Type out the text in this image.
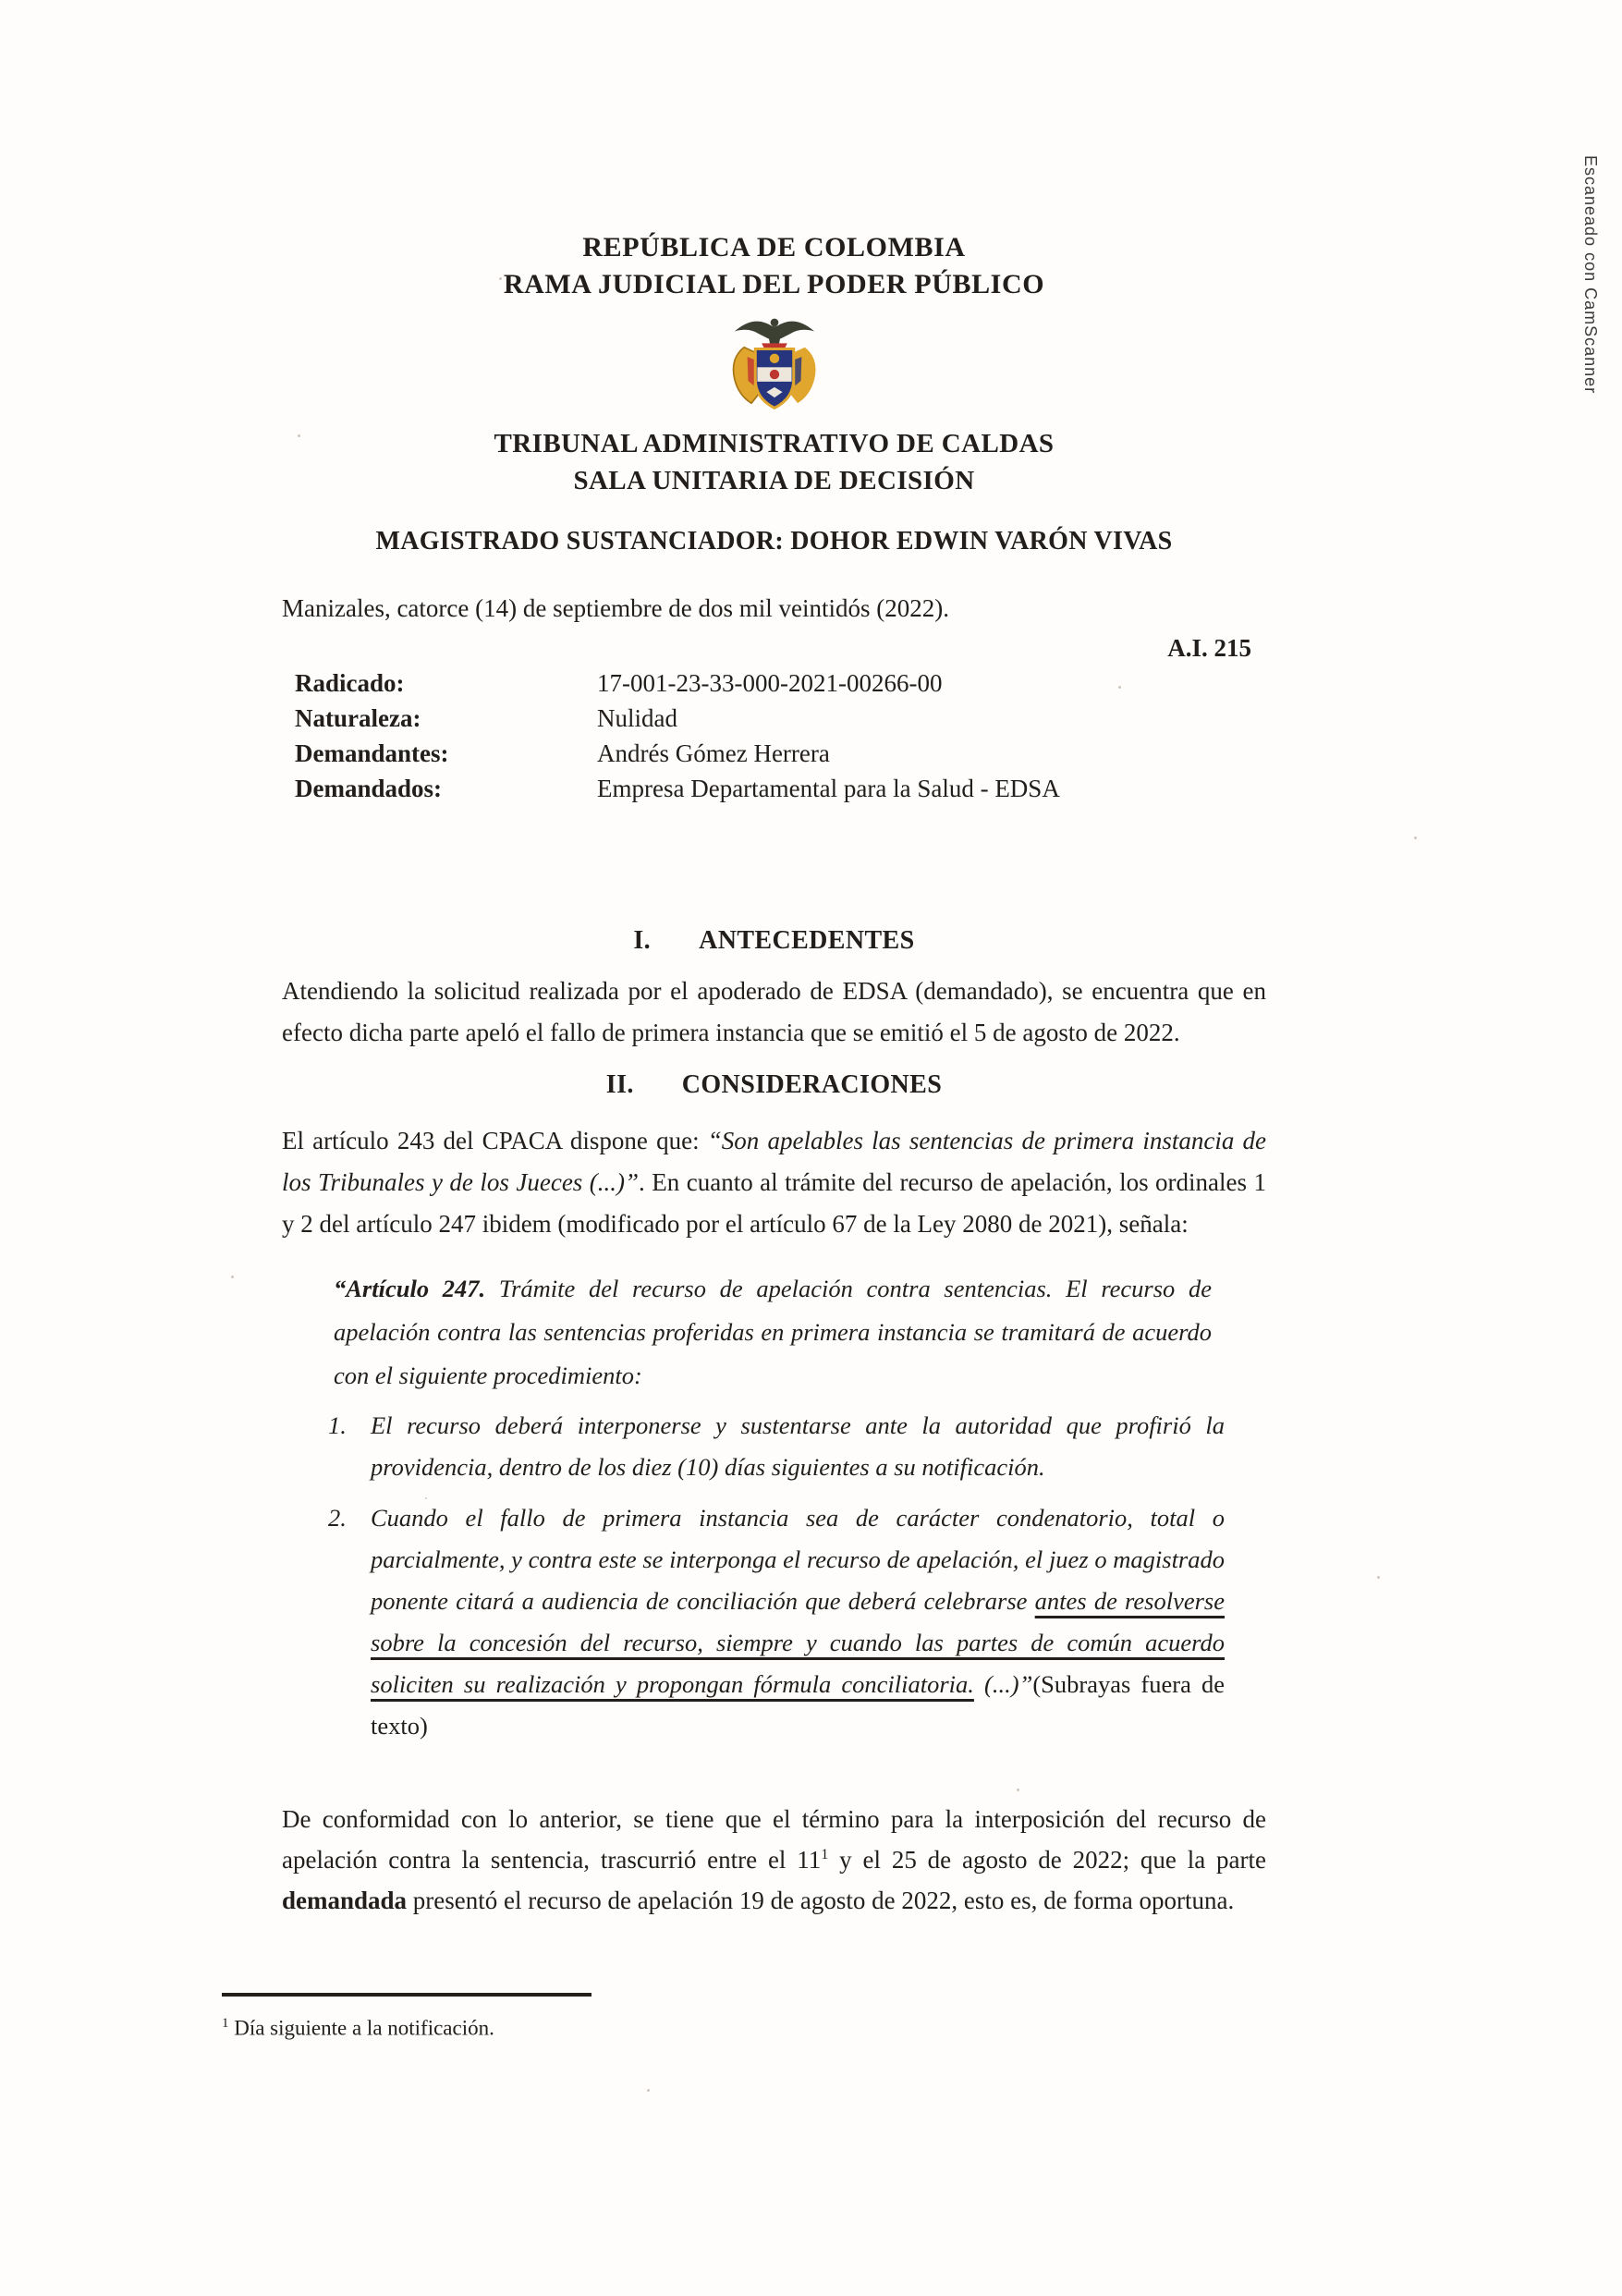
Escaneado con CamScanner
REPÚBLICA DE COLOMBIA
RAMA JUDICIAL DEL PODER PÚBLICO
TRIBUNAL ADMINISTRATIVO DE CALDAS
SALA UNITARIA DE DECISIÓN
MAGISTRADO SUSTANCIADOR: DOHOR EDWIN VARÓN VIVAS
Manizales, catorce (14) de septiembre de dos mil veintidós (2022).
A.I. 215
Radicado:	17-001-23-33-000-2021-00266-00
Naturaleza:	Nulidad
Demandantes:	Andrés Gómez Herrera
Demandados:	Empresa Departamental para la Salud - EDSA
I. ANTECEDENTES
Atendiendo la solicitud realizada por el apoderado de EDSA (demandado), se encuentra que en efecto dicha parte apeló el fallo de primera instancia que se emitió el 5 de agosto de 2022.
II. CONSIDERACIONES
El artículo 243 del CPACA dispone que: “Son apelables las sentencias de primera instancia de los Tribunales y de los Jueces (...)”. En cuanto al trámite del recurso de apelación, los ordinales 1 y 2 del artículo 247 ibidem (modificado por el artículo 67 de la Ley 2080 de 2021), señala:
“Artículo 247. Trámite del recurso de apelación contra sentencias. El recurso de apelación contra las sentencias proferidas en primera instancia se tramitará de acuerdo con el siguiente procedimiento:
1. El recurso deberá interponerse y sustentarse ante la autoridad que profirió la providencia, dentro de los diez (10) días siguientes a su notificación.
2. Cuando el fallo de primera instancia sea de carácter condenatorio, total o parcialmente, y contra este se interponga el recurso de apelación, el juez o magistrado ponente citará a audiencia de conciliación que deberá celebrarse antes de resolverse sobre la concesión del recurso, siempre y cuando las partes de común acuerdo soliciten su realización y propongan fórmula conciliatoria. (...)”(Subrayas fuera de texto)
De conformidad con lo anterior, se tiene que el término para la interposición del recurso de apelación contra la sentencia, trascurrió entre el $11^1$ y el 25 de agosto de 2022; que la parte demandada presentó el recurso de apelación 19 de agosto de 2022, esto es, de forma oportuna.
$^1$ Día siguiente a la notificación.
